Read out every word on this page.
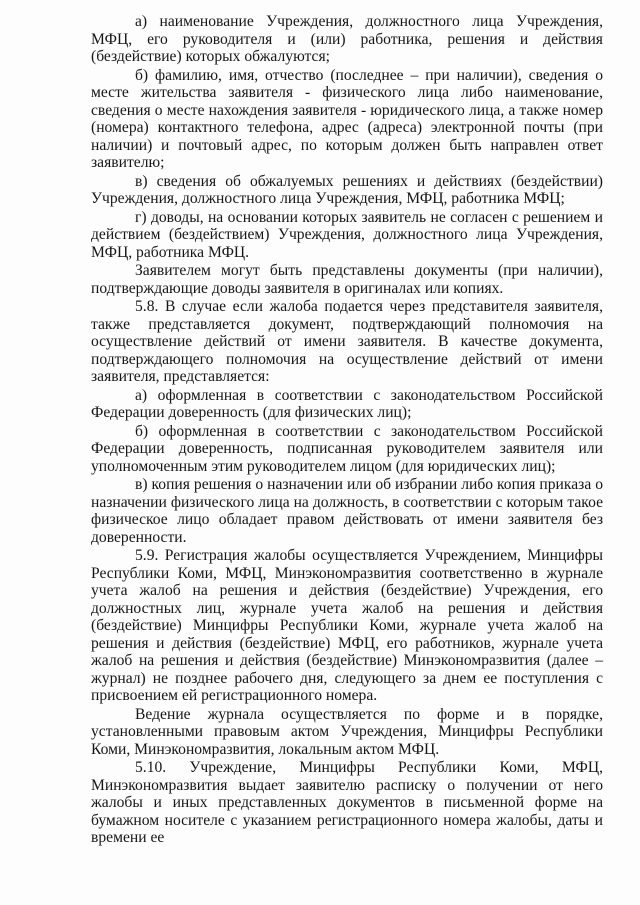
а) наименование Учреждения, должностного лица Учреждения, МФЦ, его руководителя и (или) работника, решения и действия (бездействие) которых обжалуются;

б) фамилию, имя, отчество (последнее – при наличии), сведения о месте жительства заявителя - физического лица либо наименование, сведения о месте нахождения заявителя - юридического лица, а также номер (номера) контактного телефона, адрес (адреса) электронной почты (при наличии) и почтовый адрес, по которым должен быть направлен ответ заявителю;

в) сведения об обжалуемых решениях и действиях (бездействии) Учреждения, должностного лица Учреждения, МФЦ, работника МФЦ;

г) доводы, на основании которых заявитель не согласен с решением и действием (бездействием) Учреждения, должностного лица Учреждения, МФЦ, работника МФЦ.

Заявителем могут быть представлены документы (при наличии), подтверждающие доводы заявителя в оригиналах или копиях.

5.8. В случае если жалоба подается через представителя заявителя, также представляется документ, подтверждающий полномочия на осуществление действий от имени заявителя. В качестве документа, подтверждающего полномочия на осуществление действий от имени заявителя, представляется:

а) оформленная в соответствии с законодательством Российской Федерации доверенность (для физических лиц);

б) оформленная в соответствии с законодательством Российской Федерации доверенность, подписанная руководителем заявителя или уполномоченным этим руководителем лицом (для юридических лиц);

в) копия решения о назначении или об избрании либо копия приказа о назначении физического лица на должность, в соответствии с которым такое физическое лицо обладает правом действовать от имени заявителя без доверенности.

5.9. Регистрация жалобы осуществляется Учреждением, Минцифры Республики Коми, МФЦ, Минэкономразвития соответственно в журнале учета жалоб на решения и действия (бездействие) Учреждения, его должностных лиц, журнале учета жалоб на решения и действия (бездействие) Минцифры Республики Коми, журнале учета жалоб на решения и действия (бездействие) МФЦ, его работников, журнале учета жалоб на решения и действия (бездействие) Минэкономразвития (далее – журнал) не позднее рабочего дня, следующего за днем ее поступления с присвоением ей регистрационного номера.

Ведение журнала осуществляется по форме и в порядке, установленными правовым актом Учреждения, Минцифры Республики Коми, Минэкономразвития, локальным актом МФЦ.

5.10. Учреждение, Минцифры Республики Коми, МФЦ, Минэкономразвития выдает заявителю расписку о получении от него жалобы и иных представленных документов в письменной форме на бумажном носителе с указанием регистрационного номера жалобы, даты и времени ее
